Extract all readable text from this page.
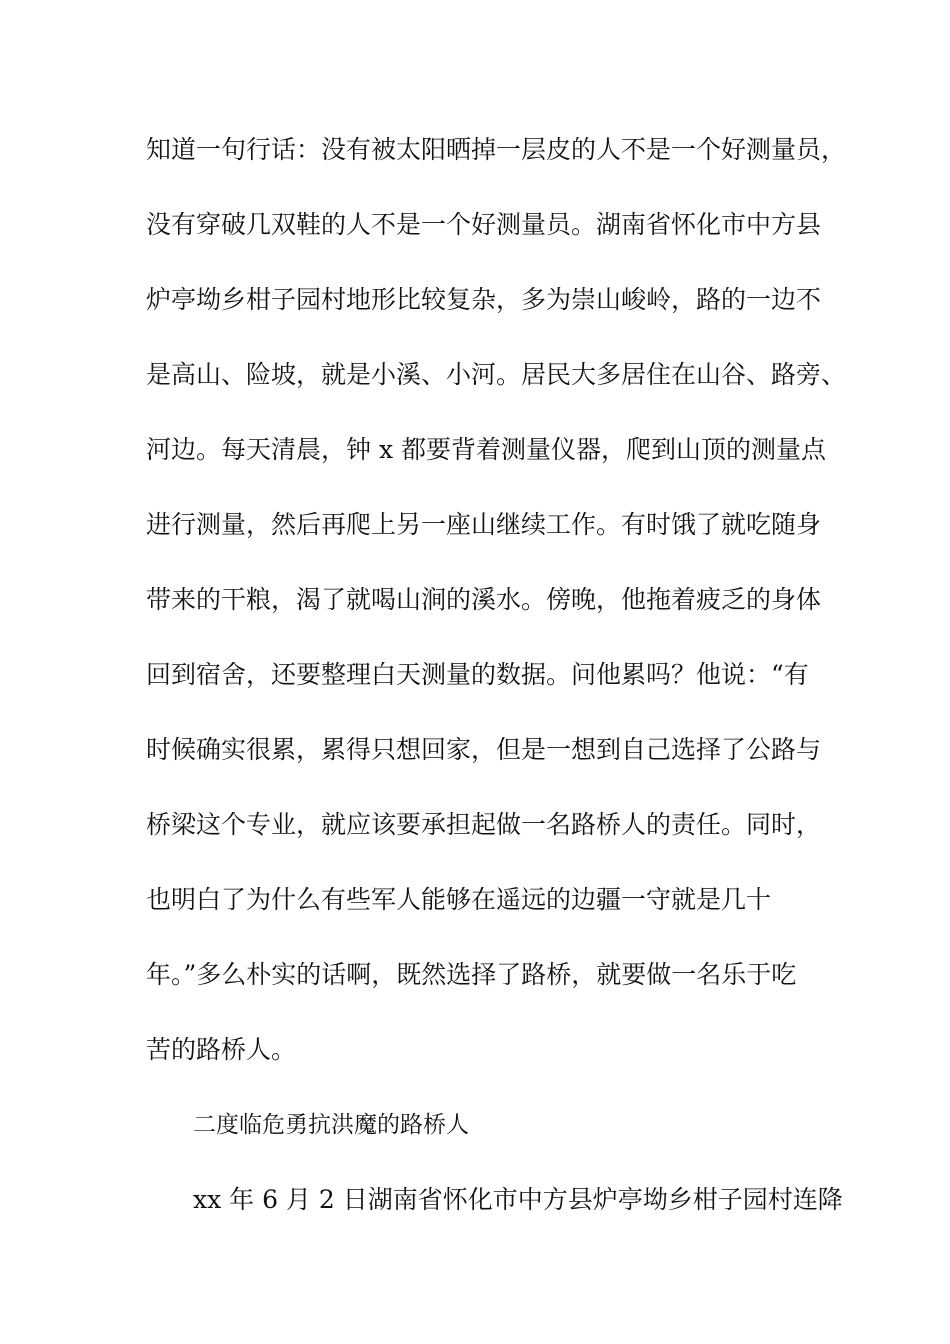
知道一句行话：没有被太阳晒掉一层皮的人不是一个好测量员，
没有穿破几双鞋的人不是一个好测量员。湖南省怀化市中方县
炉亭坳乡柑子园村地形比较复杂，多为崇山峻岭，路的一边不
是高山、险坡，就是小溪、小河。居民大多居住在山谷、路旁、
河边。每天清晨，钟 x 都要背着测量仪器，爬到山顶的测量点
进行测量，然后再爬上另一座山继续工作。有时饿了就吃随身
带来的干粮，渴了就喝山涧的溪水。傍晚，他拖着疲乏的身体
回到宿舍，还要整理白天测量的数据。问他累吗？他说：“有
时候确实很累，累得只想回家，但是一想到自己选择了公路与
桥梁这个专业，就应该要承担起做一名路桥人的责任。同时，
也明白了为什么有些军人能够在遥远的边疆一守就是几十
年。”多么朴实的话啊，既然选择了路桥，就要做一名乐于吃
苦的路桥人。
二度临危勇抗洪魔的路桥人
xx 年 6 月 2 日湖南省怀化市中方县炉亭坳乡柑子园村连降
